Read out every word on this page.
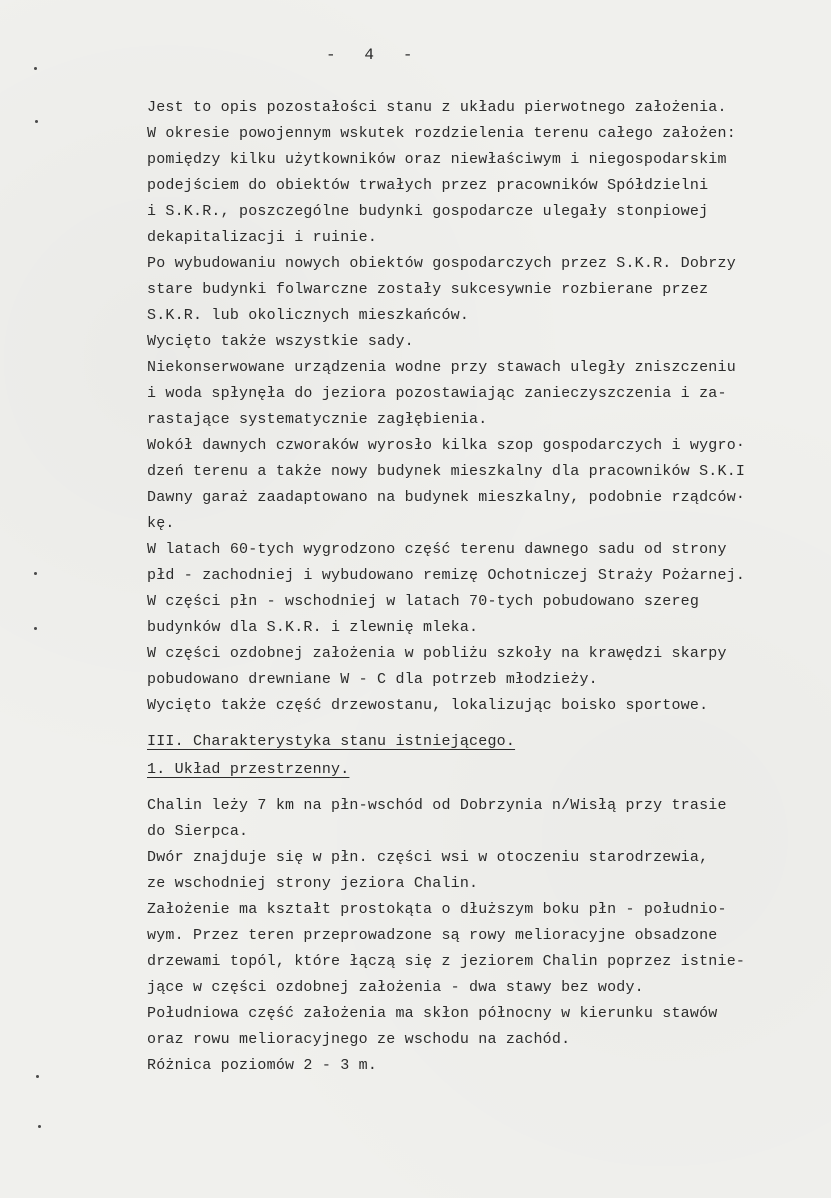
-   4   -
Jest to opis pozostałości stanu z układu pierwotnego założenia.
W okresie powojennym wskutek rozdzielenia terenu całego założen:
pomiędzy kilku użytkowników oraz niewłaściwym i niegospodarskim
podejściem do obiektów trwałych przez pracowników Spółdzielni
i S.K.R., poszczególne budynki gospodarcze ulegały stonpiowej
dekapitalizacji i ruinie.
Po wybudowaniu nowych obiektów gospodarczych przez S.K.R. Dobrzy
stare budynki folwarczne zostały sukcesywnie rozbierane przez
S.K.R. lub okolicznych mieszkańców.
Wycięto także wszystkie sady.
Niekonserwowane urządzenia wodne przy stawach uległy zniszczeniu
i woda spłynęła do jeziora pozostawiając zanieczyszczenia i za-
rastające systematycznie zagłębienia.
Wokół dawnych czworaków wyrosło kilka szop gospodarczych i wygro·
dzeń terenu a także nowy budynek mieszkalny dla pracowników S.K.I
Dawny garaż zaadaptowano na budynek mieszkalny, podobnie rządców·
kę.
W latach 60-tych wygrodzono część terenu dawnego sadu od strony
płd - zachodniej i wybudowano remizę Ochotniczej Straży Pożarnej.
W części płn - wschodniej w latach 70-tych pobudowano szereg
budynków dla S.K.R. i zlewnię mleka.
W części ozdobnej założenia w pobliżu szkoły na krawędzi skarpy
pobudowano drewniane W - C dla potrzeb młodzieży.
Wycięto także część drzewostanu, lokalizując boisko sportowe.
III. Charakterystyka stanu istniejącego.
1. Układ przestrzenny.
Chalin leży 7 km na płn-wschód od Dobrzynia n/Wisłą przy trasie
do Sierpca.
Dwór znajduje się w płn. części wsi w otoczeniu starodrzewia,
ze wschodniej strony jeziora Chalin.
Założenie ma kształt prostokąta o dłuższym boku płn - południo-
wym. Przez teren przeprowadzone są rowy melioracyjne obsadzone
drzewami topól, które łączą się z jeziorem Chalin poprzez istnie-
jące w części ozdobnej założenia - dwa stawy bez wody.
Południowa część założenia ma skłon północny w kierunku stawów
oraz rowu melioracyjnego ze wschodu na zachód.
Różnica poziomów 2 - 3 m.
